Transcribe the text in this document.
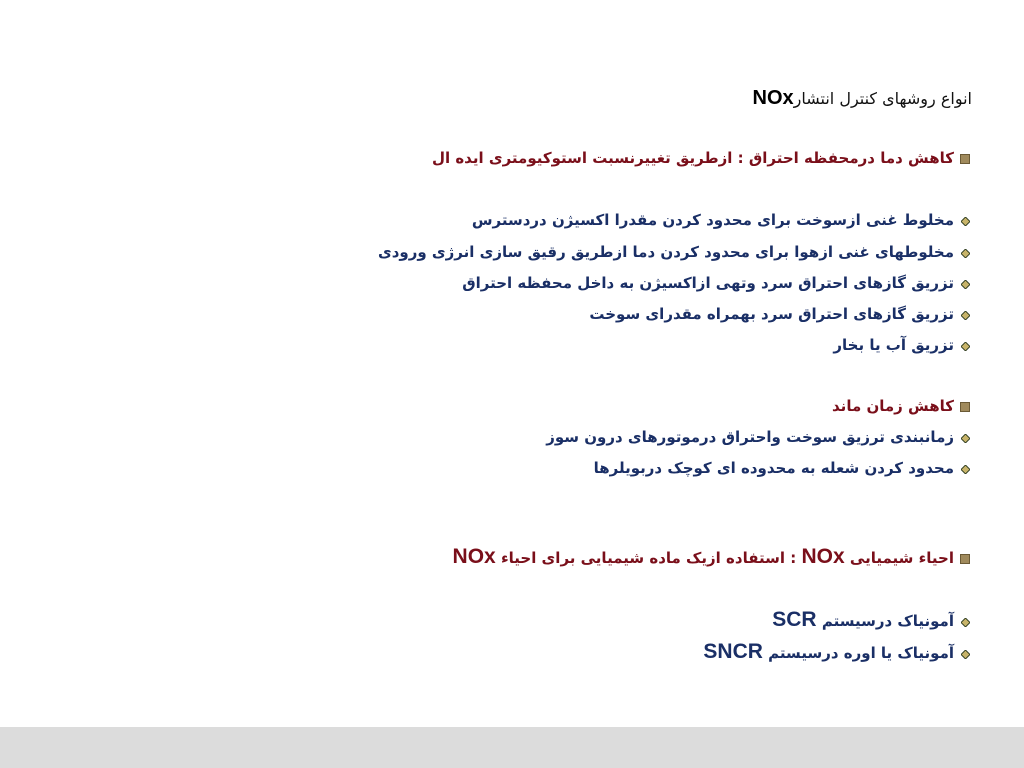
انواع روشهای کنترل انتشارNOx
کاهش دما درمحفظه احتراق : ازطریق تغییرنسبت استوکیومتری ایده ال
مخلوط غنی ازسوخت برای محدود کردن مقدرا اکسیژن دردسترس
مخلوطهای غنی ازهوا برای محدود کردن دما ازطریق رقیق سازی انرژی ورودی
تزریق گازهای احتراق سرد وتهی ازاکسیژن به داخل محفظه احتراق
تزریق گازهای احتراق سرد بهمراه مقدرای سوخت
تزریق آب یا بخار
کاهش زمان ماند
زمانبندی ترزیق سوخت واحتراق درموتورهای درون سوز
محدود کردن شعله به محدوده ای کوچک دربویلرها
احیاء شیمیایی NOx : استفاده ازیک ماده شیمیایی برای احیاء NOx
آمونیاک درسیستم SCR
آمونیاک یا اوره درسیستم SNCR
